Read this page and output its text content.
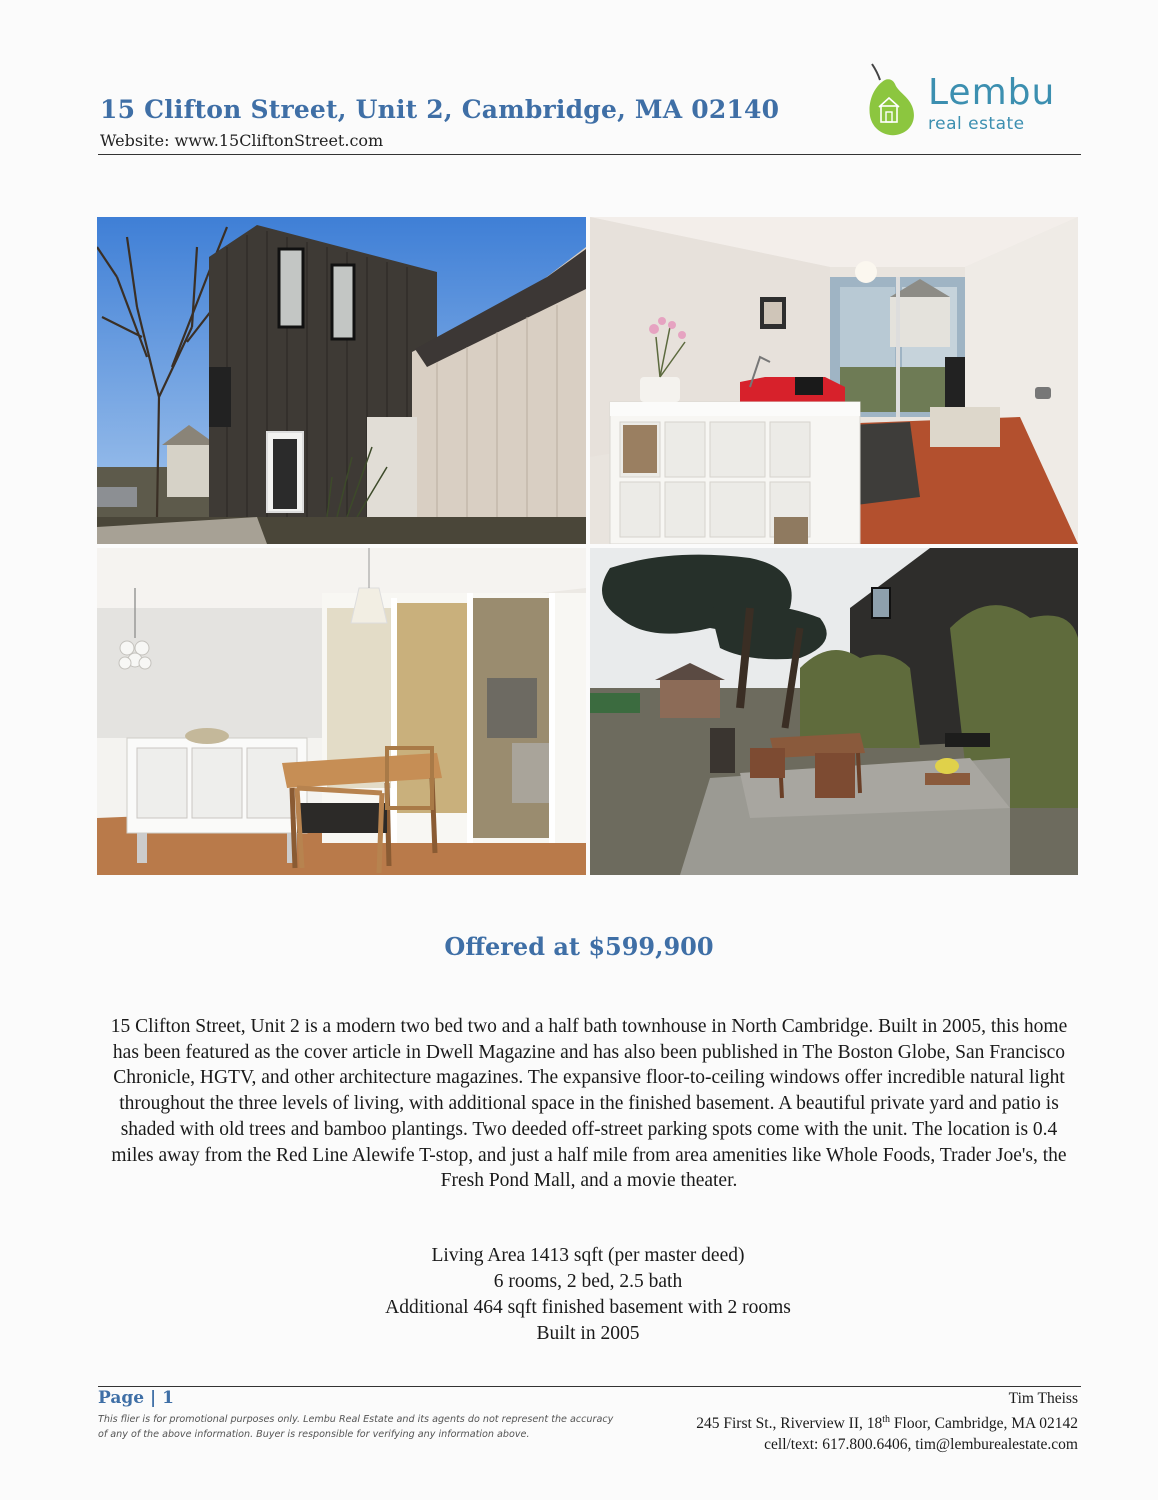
15 Clifton Street, Unit 2, Cambridge, MA 02140
Website: www.15CliftonStreet.com
Lembu
real estate
Offered at $599,900
15 Clifton Street, Unit 2 is a modern two bed two and a half bath townhouse in North Cambridge. Built in 2005, this home has been featured as the cover article in Dwell Magazine and has also been published in The Boston Globe, San Francisco Chronicle, HGTV, and other architecture magazines. The expansive floor-to-ceiling windows offer incredible natural light throughout the three levels of living, with additional space in the finished basement. A beautiful private yard and patio is shaded with old trees and bamboo plantings. Two deeded off-street parking spots come with the unit. The location is 0.4 miles away from the Red Line Alewife T-stop, and just a half mile from area amenities like Whole Foods, Trader Joe's, the Fresh Pond Mall, and a movie theater.
Living Area 1413 sqft (per master deed)
6 rooms, 2 bed, 2.5 bath
Additional 464 sqft finished basement with 2 rooms
Built in 2005
Page | 1
This flier is for promotional purposes only. Lembu Real Estate and its agents do not represent the accuracy of any of the above information. Buyer is responsible for verifying any information above.
Tim Theiss
245 First St., Riverview II, 18th Floor, Cambridge, MA 02142
cell/text: 617.800.6406, tim@lemburealestate.com
